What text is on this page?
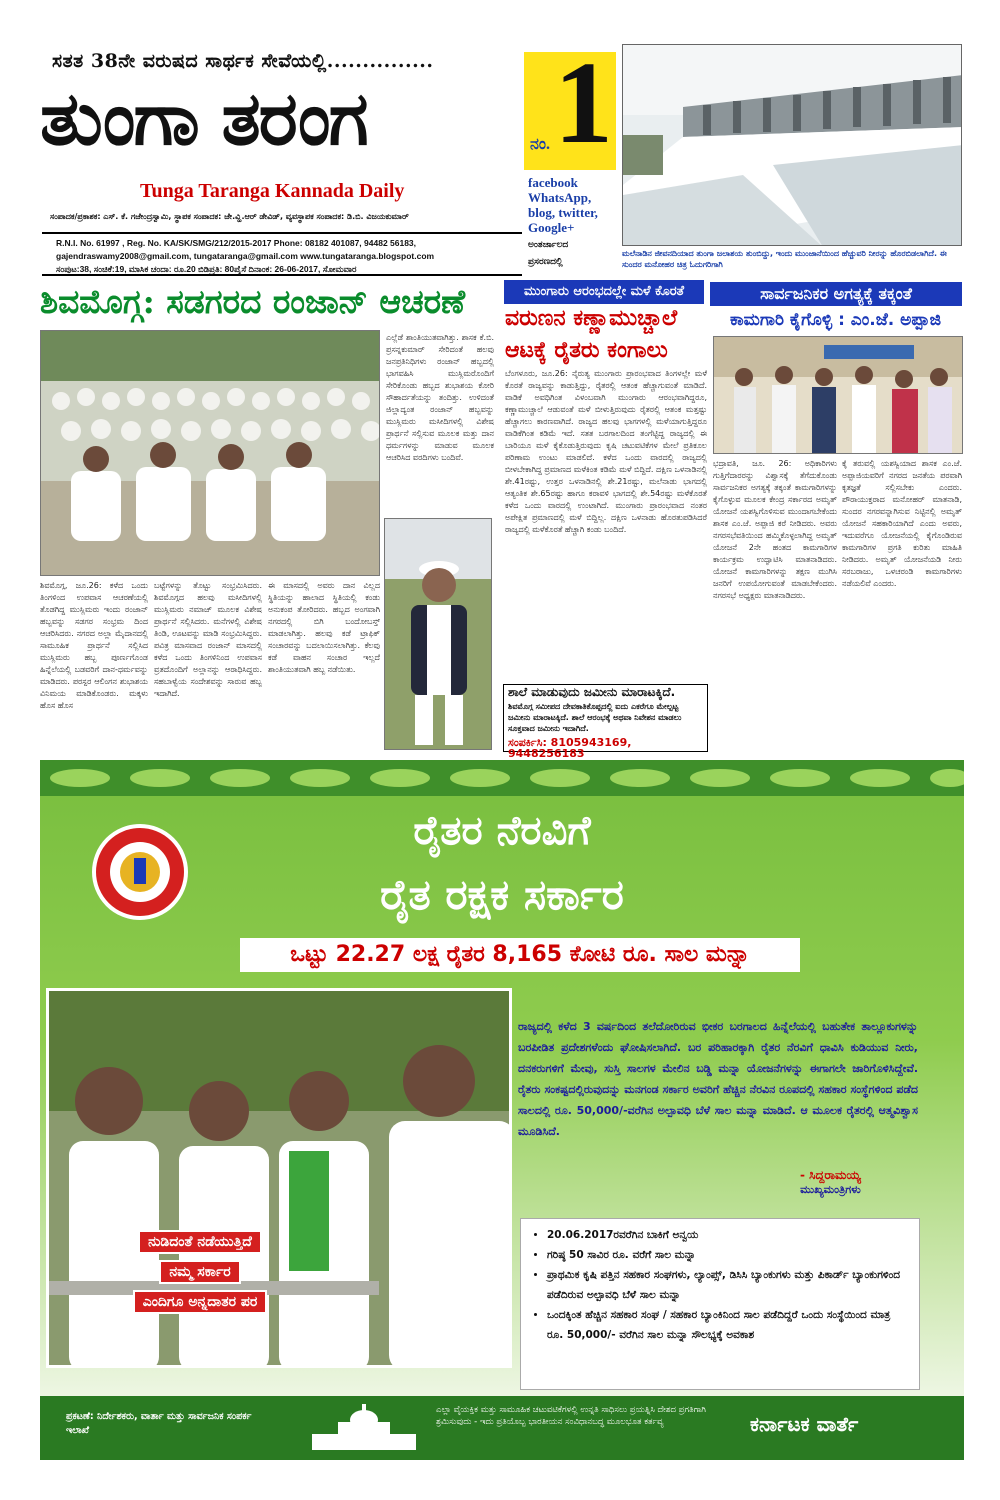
ಸತತ 38ನೇ ವರುಷದ ಸಾರ್ಥಕ ಸೇವೆಯಲ್ಲಿ...............
ತುಂಗಾ ತರಂಗ
Tunga Taranga Kannada Daily
ಸಂಪಾದಕ/ಪ್ರಕಾಶಕ: ಎಸ್. ಕೆ. ಗಜೇಂದ್ರಸ್ವಾಮಿ, ಸ್ಥಾಪಕ ಸಂಪಾದಕ: ಜೇ.ವ್ಹಿ.ಆರ್ ಡೇವಿಡ್, ವ್ಯವಸ್ಥಾಪಕ ಸಂಪಾದಕ: ಡಿ.ಬಿ. ವಿಜಯಕುಮಾರ್
R.N.I. No. 61997 , Reg. No. KA/SK/SMG/212/2015-2017 Phone: 08182 401087, 94482 56183,
gajendraswamy2008@gmail.com, tungataranga@gmail.com www.tungataranga.blogspot.com
ಸಂಪುಟ:38, ಸಂಚಿಕೆ:19, ಮಾಸಿಕ ಚಂದಾ: ರೂ.20 ಬಿಡಿಪ್ರತಿ: 80ಪೈಸೆ ದಿನಾಂಕ: 26-06-2017, ಸೋಮವಾರ
ನಂ. 1
facebook
WhatsApp,
blog, twitter,
Google+
ಅಂತರ್ಜಾಲದ
ಪ್ರಸರಣದಲ್ಲಿ
ಮಲೆನಾಡಿನ ಜೀವನದಿಯಾದ ತುಂಗಾ ಜಲಾಶಯ ತುಂಬಿದ್ದು, ಇಂದು ಮುಂಜಾನೆಯಿಂದ ಹೆಚ್ಚುವರಿ ನೀರನ್ನು ಹೊರಬಿಡಲಾಗಿದೆ. ಈ ಸುಂದರ ಮನೋಹರ ಚಿತ್ರ ಓದುಗರಿಗಾಗಿ
ಶಿವಮೊಗ್ಗ: ಸಡಗರದ ರಂಜಾನ್ ಆಚರಣೆ	ಮುಂಗಾರು ಆರಂಭದಲ್ಲೇ ಮಳೆ ಕೊರತೆ
ವರುಣನ ಕಣ್ಣಾಮುಚ್ಚಾಲೆ
ಆಟಕ್ಕೆ ರೈತರು ಕಂಗಾಲು
ಸಾರ್ವಜನಿಕರ ಅಗತ್ಯಕ್ಕೆ ತಕ್ಕಂತೆ
ಕಾಮಗಾರಿ ಕೈಗೊಳ್ಳಿ : ಎಂ.ಜೆ. ಅಪ್ಪಾಜಿ
ಶಿವಮೊಗ್ಗ, ಜೂ.26: ಕಳೆದ ಒಂದು ತಿಂಗಳಿಂದ ಉಪವಾಸ ಆಚರಣೆಯಲ್ಲಿ ತೊಡಗಿದ್ದ ಮುಸ್ಲಿಮರು ಇಂದು ರಂಜಾನ್ ಹಬ್ಬವನ್ನು ಸಡಗರ ಸಂಭ್ರಮ ದಿಂದ ಆಚರಿಸಿದರು. ನಗರದ ಅಲ್ಲಾ ಮೈದಾನದಲ್ಲಿ ಸಾಮೂಹಿಕ ಪ್ರಾರ್ಥನೆ ಸಲ್ಲಿಸಿದ ಮುಸ್ಲಿಮರು ಹಬ್ಬ ಪೂರ್ಣಗೊಂಡ ಹಿನ್ನೆಲೆಯಲ್ಲಿ ಬಡವರಿಗೆ ದಾನ-ಧರ್ಮವನ್ನು ಮಾಡಿದರು. ಪರಸ್ಪರ ಆಲಿಂಗನ ಶುಭಾಶಯ ವಿನಿಮಯ ಮಾಡಿಕೊಂಡರು. ಮಕ್ಕಳು ಹೊಸ ಹೊಸ
ಬಟ್ಟೆಗಳನ್ನು ತೊಟ್ಟು ಸಂಭ್ರಮಿಸಿದರು. ಶಿವಮೊಗ್ಗದ ಹಲವು ಮಸೀದಿಗಳಲ್ಲಿ ಮುಸ್ಲಿಮರು ನಮಾಜ್ ಮೂಲಕ ವಿಶೇಷ ಪ್ರಾರ್ಥನೆ ಸಲ್ಲಿಸಿದರು. ಮನೆಗಳಲ್ಲಿ ವಿಶೇಷ ತಿಂಡಿ, ಊಟವನ್ನು ಮಾಡಿ ಸಂಭ್ರಮಿಸಿದ್ದರು. ಪವಿತ್ರ ಮಾಸವಾದ ರಂಜಾನ್ ಮಾಸದಲ್ಲಿ ಕಳೆದ ಒಂದು ತಿಂಗಳಿನಿಂದ ಉಪವಾಸ ವ್ರತದೊಂದಿಗೆ ಅಲ್ಲಾನನ್ನು ಆರಾಧಿಸಿದ್ದರು. ಸಹಬಾಳ್ವೆಯ ಸಂದೇಶವನ್ನು ಸಾರುವ ಹಬ್ಬ ಇದಾಗಿದೆ.
ಈ ಮಾಸದಲ್ಲಿ ಅವರು ದಾನ ವಿಲ್ಲದ ಸ್ಥಿತಿಯನ್ನು ಹಾಲಾದ ಸ್ಥಿತಿಯಲ್ಲಿ ಕಂಡು ಅನುಕಂಪ ತೋರಿದರು. ಹಬ್ಬದ ಅಂಗವಾಗಿ ನಗರದಲ್ಲಿ ಬಿಗಿ ಬಂದೋಬಸ್ತ್ ಮಾಡಲಾಗಿತ್ತು. ಹಲವು ಕಡೆ ಟ್ರಾಫಿಕ್ ಸಂಚಾರವನ್ನು ಬದಲಾಯಿಸಲಾಗಿತ್ತು. ಕೆಲವು ಕಡೆ ವಾಹನ ಸಂಚಾರ ಇಲ್ಲದೆ ಶಾಂತಿಯುತವಾಗಿ ಹಬ್ಬ ನಡೆಯಿತು.
ಎಲ್ಲೆಡೆ ಶಾಂತಿಯುತವಾಗಿತ್ತು. ಶಾಸಕ ಕೆ.ಬಿ. ಪ್ರಸನ್ನಕುಮಾರ್ ಸೇರಿದಂತೆ ಹಲವು ಜನಪ್ರತಿನಿಧಿಗಳು ರಂಜಾನ್ ಹಬ್ಬದಲ್ಲಿ ಭಾಗವಹಿಸಿ ಮುಸ್ಲಿಮರೊಂದಿಗೆ ಸೇರಿಕೊಂಡು ಹಬ್ಬದ ಶುಭಾಶಯ ಕೋರಿ ಸೌಹಾರ್ದತೆಯನ್ನು ತಂದಿತ್ತು. ಉಳಿದಂತೆ ಜಿಲ್ಲಾದ್ಯಂತ ರಂಜಾನ್ ಹಬ್ಬವನ್ನು ಮುಸ್ಲಿಮರು ಮಸೀದಿಗಳಲ್ಲಿ ವಿಶೇಷ ಪ್ರಾರ್ಥನೆ ಸಲ್ಲಿಸುವ ಮೂಲಕ ಮತ್ತು ದಾನ ಧರ್ಮಗಳನ್ನು ಮಾಡುವ ಮೂಲಕ ಆಚರಿಸಿದ ವರದಿಗಳು ಬಂದಿವೆ.
ಬೆಂಗಳೂರು, ಜೂ.26: ನೈರುತ್ಯ ಮುಂಗಾರು ಪ್ರಾರಂಭವಾದ ತಿಂಗಳಲ್ಲೇ ಮಳೆ ಕೊರತೆ ರಾಜ್ಯವನ್ನು ಕಾಡುತ್ತಿದ್ದು, ರೈತರಲ್ಲಿ ಆತಂಕ ಹೆಚ್ಚಾಗುವಂತೆ ಮಾಡಿದೆ. ವಾಡಿಕೆ ಅವಧಿಗಿಂತ ವಿಳಂಬವಾಗಿ ಮುಂಗಾರು ಆರಂಭವಾಗಿದ್ದರೂ, ಕಣ್ಣಾಮುಚ್ಚಾಲೆ ಆಡುವಂತೆ ಮಳೆ ಬೀಳುತ್ತಿರುವುದು ರೈತರಲ್ಲಿ ಆತಂಕ ಮತ್ತಷ್ಟು ಹೆಚ್ಚಾಗಲು ಕಾರಣವಾಗಿದೆ. ರಾಜ್ಯದ ಹಲವು ಭಾಗಗಳಲ್ಲಿ ಮಳೆಯಾಗುತ್ತಿದ್ದರೂ ವಾಡಿಕೆಗಿಂತ ಕಡಿಮೆ ಇದೆ. ಸತತ ಬರಗಾಲದಿಂದ ತಂಗೆಟ್ಟಿದ್ದ ರಾಜ್ಯದಲ್ಲಿ ಈ ಬಾರಿಯೂ ಮಳೆ ಕೈಕೊಡುತ್ತಿರುವುದು ಕೃಷಿ ಚಟುವಟಿಕೆಗಳ ಮೇಲೆ ಪ್ರತಿಕೂಲ ಪರಿಣಾಮ ಉಂಟು ಮಾಡಲಿದೆ. ಕಳೆದ ಒಂದು ವಾರದಲ್ಲಿ ರಾಜ್ಯದಲ್ಲಿ ಬೀಳಬೇಕಾಗಿದ್ದ ಪ್ರಮಾಣದ ಮಳೆಕಿಂತ ಕಡಿಮೆ ಮಳೆ ಬಿದ್ದಿದೆ. ದಕ್ಷಿಣ ಒಳನಾಡಿನಲ್ಲಿ ಶೇ.41ರಷ್ಟು, ಉತ್ತರ ಒಳನಾಡಿನಲ್ಲಿ ಶೇ.21ರಷ್ಟು, ಮಲೆನಾಡು ಭಾಗದಲ್ಲಿ ಆತ್ಯಂತಿಕ ಶೇ.65ರಷ್ಟು ಹಾಗೂ ಕರಾವಳಿ ಭಾಗದಲ್ಲಿ ಶೇ.54ರಷ್ಟು ಮಳೆಕೊರತೆ ಕಳೆದ ಒಂದು ವಾರದಲ್ಲಿ ಉಂಟಾಗಿದೆ. ಮುಂಗಾರು ಪ್ರಾರಂಭವಾದ ನಂತರ ಅಪೇಕ್ಷಿತ ಪ್ರಮಾಣದಲ್ಲಿ ಮಳೆ ಬಿದ್ದಿಲ್ಲ. ದಕ್ಷಿಣ ಒಳನಾಡು ಹೊರತುಪಡಿಸಿದರೆ ರಾಜ್ಯದಲ್ಲಿ ಮಳೆಕೊರತೆ ಹೆಚ್ಚಾಗಿ ಕಂಡು ಬಂದಿದೆ.
ಭದ್ರಾವತಿ, ಜೂ. 26: ಅಧಿಕಾರಿಗಳು ಗುತ್ತಿಗೆದಾರರನ್ನು ವಿಶ್ವಾಸಕ್ಕೆ ತೆಗೆದುಕೊಂಡು ಸಾರ್ವಜನಿಕರ ಅಗತ್ಯಕ್ಕೆ ತಕ್ಕಂತೆ ಕಾಮಗಾರಿಗಳನ್ನು ಕೈಗೊಳ್ಳುವ ಮೂಲಕ ಕೇಂದ್ರ ಸರ್ಕಾರದ ಅಮೃತ್ ಯೋಜನೆ ಯಶಸ್ವಿಗೊಳಿಸುವ ಮುಂದಾಗಬೇಕೆಂದು ಶಾಸಕ ಎಂ.ಜೆ. ಅಪ್ಪಾಜಿ ಕರೆ ನೀಡಿದರು. ಅವರು ನಗರಸಭೆವತಿಯಿಂದ ಹಮ್ಮಿಕೊಳ್ಳಲಾಗಿದ್ದ ಅಮೃತ್ ಯೋಜನೆ 2ನೇ ಹಂತದ ಕಾಮಗಾರಿಗಳ ಕಾರ್ಯಕ್ರಮ ಉದ್ಘಾಟಿಸಿ ಮಾತನಾಡಿದರು. ಯೋಜನೆ ಕಾಮಗಾರಿಗಳನ್ನು ತಕ್ಷಣ ಮುಗಿಸಿ ಜನರಿಗೆ ಉಪಯೋಗುವಂತೆ ಮಾಡಬೇಕೆಂದರು. ನಗರಸಭೆ ಅಧ್ಯಕ್ಷರು ಮಾತನಾಡಿದರು.
ಕೈ ತರುವಲ್ಲಿ ಯಶಸ್ವಿಯಾದ ಶಾಸಕ ಎಂ.ಜೆ. ಅಪ್ಪಾಜಿಯವರಿಗೆ ನಗರದ ಜನತೆಯ ಪರವಾಗಿ ಕೃತಜ್ಞತೆ ಸಲ್ಲಿಸಬೇಕು ಎಂದರು. ಪೌರಾಯುಕ್ತರಾದ ಮನೋಹರ್ ಮಾತನಾಡಿ, ಸುಂದರ ನಗರವನ್ನಾಗಿಸುವ ನಿಟ್ಟಿನಲ್ಲಿ ಅಮೃತ್ ಯೋಜನೆ ಸಹಕಾರಿಯಾಗಿದೆ ಎಂದು ಅವರು, ಇದುವರೆಗೂ ಯೋಜನೆಯಲ್ಲಿ ಕೈಗೊಂಡಿರುವ ಕಾಮಗಾರಿಗಳ ಪ್ರಗತಿ ಕುರಿತು ಮಾಹಿತಿ ನೀಡಿದರು. ಅಮೃತ್ ಯೋಜನೆಯಡಿ ನೀರು ಸರಬರಾಜು, ಒಳಚರಂಡಿ ಕಾಮಗಾರಿಗಳು ನಡೆಯಲಿವೆ ಎಂದರು.
ಶಾಲೆ ಮಾಡುವುದು ಜಮೀನು ಮಾರಾಟಕ್ಕಿದೆ.
ಶಿವಮೊಗ್ಗ ಸಮೀಪದ ದೇವಕಾತಿಕೊಪ್ಪದಲ್ಲಿ ಐದು ಎಕರೆಗೂ ಮೇಲ್ಪಟ್ಟ ಜಮೀನು ಮಾರಾಟಕ್ಕಿದೆ. ಶಾಲೆ ಆರಂಭಕ್ಕೆ ಅಥವಾ ನಿವೇಶನ ಮಾಡಲು ಸೂಕ್ತವಾದ ಜಮೀನು ಇದಾಗಿದೆ.
ಸಂಪರ್ಕಿಸಿ: 8105943169, 9448256183
ರೈತರ ನೆರವಿಗೆ
ರೈತ ರಕ್ಷಕ ಸರ್ಕಾರ
ಒಟ್ಟು 22.27 ಲಕ್ಷ ರೈತರ 8,165 ಕೋಟಿ ರೂ. ಸಾಲ ಮನ್ನಾ
ರಾಜ್ಯದಲ್ಲಿ ಕಳೆದ 3 ವರ್ಷದಿಂದ ತಲೆದೋರಿರುವ ಭೀಕರ ಬರಗಾಲದ ಹಿನ್ನೆಲೆಯಲ್ಲಿ ಬಹುತೇಕ ತಾಲ್ಲೂಕುಗಳನ್ನು ಬರಪೀಡಿತ ಪ್ರದೇಶಗಳೆಂದು ಘೋಷಿಸಲಾಗಿದೆ. ಬರ ಪರಿಹಾರಕ್ಕಾಗಿ ರೈತರ ನೆರವಿಗೆ ಧಾವಿಸಿ ಕುಡಿಯುವ ನೀರು, ದನಕರುಗಳಿಗೆ ಮೇವು, ಸುಸ್ತಿ ಸಾಲಗಳ ಮೇಲಿನ ಬಡ್ಡಿ ಮನ್ನಾ ಯೋಜನೆಗಳನ್ನು ಈಗಾಗಲೇ ಜಾರಿಗೊಳಿಸಿದ್ದೇವೆ. ರೈತರು ಸಂಕಷ್ಟದಲ್ಲಿರುವುದನ್ನು ಮನಗಂಡ ಸರ್ಕಾರ ಅವರಿಗೆ ಹೆಚ್ಚಿನ ನೆರವಿನ ರೂಪದಲ್ಲಿ ಸಹಕಾರ ಸಂಸ್ಥೆಗಳಿಂದ ಪಡೆದ ಸಾಲದಲ್ಲಿ ರೂ. 50,000/-ವರೆಗಿನ ಅಲ್ಪಾವಧಿ ಬೆಳೆ ಸಾಲ ಮನ್ನಾ ಮಾಡಿದೆ. ಆ ಮೂಲಕ ರೈತರಲ್ಲಿ ಆತ್ಮವಿಶ್ವಾಸ ಮೂಡಿಸಿದೆ.
- ಸಿದ್ದರಾಮಯ್ಯ
ಮುಖ್ಯಮಂತ್ರಿಗಳು
• 20.06.2017ರವರೆಗಿನ ಬಾಕಿಗೆ ಅನ್ವಯ
• ಗರಿಷ್ಠ 50 ಸಾವಿರ ರೂ. ವರೆಗೆ ಸಾಲ ಮನ್ನಾ
• ಪ್ರಾಥಮಿಕ ಕೃಷಿ ಪತ್ತಿನ ಸಹಕಾರ ಸಂಘಗಳು, ಲ್ಯಾಂಪ್ಸ್, ಡಿಸಿಸಿ ಬ್ಯಾಂಕುಗಳು ಮತ್ತು ಪಿಕಾರ್ಡ್ ಬ್ಯಾಂಕುಗಳಿಂದ ಪಡೆದಿರುವ ಅಲ್ಪಾವಧಿ ಬೆಳೆ ಸಾಲ ಮನ್ನಾ
• ಒಂದಕ್ಕಿಂತ ಹೆಚ್ಚಿನ ಸಹಕಾರ ಸಂಘ / ಸಹಕಾರ ಬ್ಯಾಂಕಿನಿಂದ ಸಾಲ ಪಡೆದಿದ್ದರೆ ಒಂದು ಸಂಸ್ಥೆಯಿಂದ ಮಾತ್ರ ರೂ. 50,000/- ವರೆಗಿನ ಸಾಲ ಮನ್ನಾ ಸೌಲಭ್ಯಕ್ಕೆ ಅವಕಾಶ
ನುಡಿದಂತೆ ನಡೆಯುತ್ತಿದೆ ನಮ್ಮ ಸರ್ಕಾರ ಎಂದಿಗೂ ಅನ್ನದಾತರ ಪರ
ಪ್ರಕಟಣೆ: ನಿರ್ದೇಶಕರು, ವಾರ್ತಾ ಮತ್ತು ಸಾರ್ವಜನಿಕ ಸಂಪರ್ಕ ಇಲಾಖೆ
ಎಲ್ಲಾ ವೈಯಕ್ತಿಕ ಮತ್ತು ಸಾಮೂಹಿಕ ಚಟುವಟಿಕೆಗಳಲ್ಲಿ ಉನ್ನತಿ ಸಾಧಿಸಲು ಪ್ರಯತ್ನಿಸಿ ದೇಶದ ಪ್ರಗತಿಗಾಗಿ ಶ್ರಮಿಸುವುದು - ಇದು ಪ್ರತಿಯೊಬ್ಬ ಭಾರತೀಯನ ಸಂವಿಧಾನಬದ್ಧ ಮೂಲಭೂತ ಕರ್ತವ್ಯ	ಕರ್ನಾಟಕ ವಾರ್ತೆ
